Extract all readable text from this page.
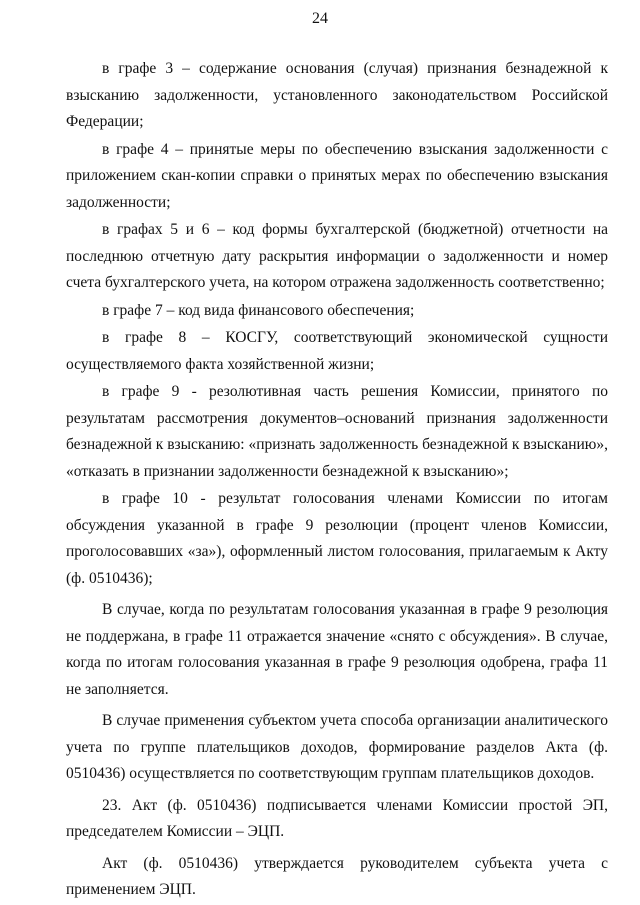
24

в графе 3 – содержание основания (случая) признания безнадежной к взысканию задолженности, установленного законодательством Российской Федерации;

в графе 4 – принятые меры по обеспечению взыскания задолженности с приложением скан-копии справки о принятых мерах по обеспечению взыскания задолженности;

в графах 5 и 6 – код формы бухгалтерской (бюджетной) отчетности на последнюю отчетную дату раскрытия информации о задолженности и номер счета бухгалтерского учета, на котором отражена задолженность соответственно;

в графе 7 – код вида финансового обеспечения;

в графе 8 – КОСГУ, соответствующий экономической сущности осуществляемого факта хозяйственной жизни;

в графе 9 - резолютивная часть решения Комиссии, принятого по результатам рассмотрения документов–оснований признания задолженности безнадежной к взысканию: «признать задолженность безнадежной к взысканию», «отказать в признании задолженности безнадежной к взысканию»;

в графе 10 - результат голосования членами Комиссии по итогам обсуждения указанной в графе 9 резолюции (процент членов Комиссии, проголосовавших «за»), оформленный листом голосования, прилагаемым к Акту (ф. 0510436);

В случае, когда по результатам голосования указанная в графе 9 резолюция не поддержана, в графе 11 отражается значение «снято с обсуждения». В случае, когда по итогам голосования указанная в графе 9 резолюция одобрена, графа 11 не заполняется.

В случае применения субъектом учета способа организации аналитического учета по группе плательщиков доходов, формирование разделов Акта (ф. 0510436) осуществляется по соответствующим группам плательщиков доходов.

23. Акт (ф. 0510436) подписывается членами Комиссии простой ЭП, председателем Комиссии – ЭЦП.

Акт (ф. 0510436) утверждается руководителем субъекта учета с применением ЭЦП.
